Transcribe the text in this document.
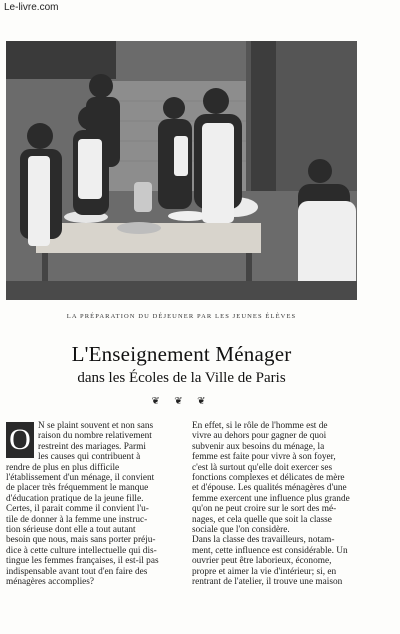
Le-livre.com
LA PRÉPARATION DU DÉJEUNER PAR LES JEUNES ÉLÈVES
L'Enseignement Ménager
dans les Écoles de la Ville de Paris
❦ ❦ ❦
O N se plaint souvent et non sans
raison du nombre relativement
restreint des mariages. Parmi
les causes qui contribuent à
rendre de plus en plus difficile
l'établissement d'un ménage, il convient
de placer très fréquemment le manque
d'éducation pratique de la jeune fille.
Certes, il parait comme il convient l'u-
tile de donner à la femme une instruc-
tion sérieuse dont elle a tout autant
besoin que nous, mais sans porter préju-
dice à cette culture intellectuelle qui dis-
tingue les femmes françaises, il est-il pas
indispensable avant tout d'en faire des
ménagères accomplies?
En effet, si le rôle de l'homme est de
vivre au dehors pour gagner de quoi
subvenir aux besoins du ménage, la
femme est faite pour vivre à son foyer,
c'est là surtout qu'elle doit exercer ses
fonctions complexes et délicates de mère
et d'épouse. Les qualités ménagères d'une
femme exercent une influence plus grande
qu'on ne peut croire sur le sort des mé-
nages, et cela quelle que soit la classe
sociale que l'on considère.
Dans la classe des travailleurs, notam-
ment, cette influence est considérable. Un
ouvrier peut être laborieux, économe,
propre et aimer la vie d'intérieur; si, en
rentrant de l'atelier, il trouve une maison
